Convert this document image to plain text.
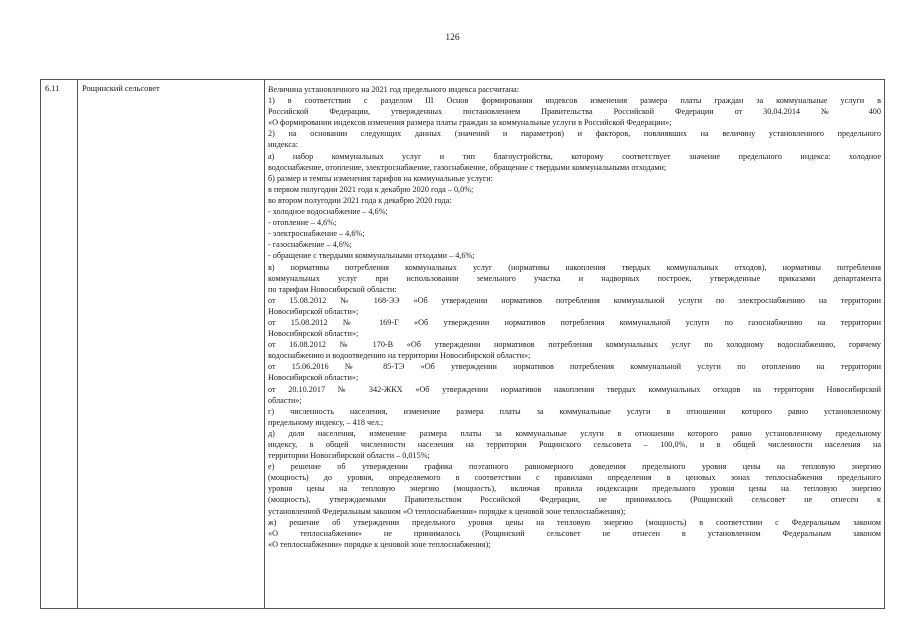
126
6.11	Рощинский сельсовет	Величина установленного на 2021 год предельного индекса рассчитана:
1) в соответствии с разделом III Основ формирования индексов изменения размера платы граждан за коммунальные услуги в
Российской Федерации, утвержденных постановлением Правительства Российской Федерации от 30.04.2014 № 400
«О формировании индексов изменения размера платы граждан за коммунальные услуги в Российской Федерации»;
2) на основании следующих данных (значений и параметров) и факторов, повлиявших на величину установленного предельного
индекса:
а) набор коммунальных услуг и тип благоустройства, которому соответствует значение предельного индекса: холодное
водоснабжение, отопление, электроснабжение, газоснабжение, обращение с твердыми коммунальными отходами;
б) размер и темпы изменения тарифов на коммунальные услуги:
в первом полугодии 2021 года к декабрю 2020 года – 0,0%;
во втором полугодии 2021 года к декабрю 2020 года:
- холодное водоснабжение – 4,6%;
- отопление – 4,6%;
- электроснабжение – 4,6%;
- газоснабжение – 4,6%;
- обращение с твердыми коммунальными отходами – 4,6%;
в) нормативы потребления коммунальных услуг (нормативы накопления твердых коммунальных отходов), нормативы потребления
коммунальных услуг при использовании земельного участка и надворных построек, утвержденные приказами департамента
по тарифам Новосибирской области:
от 15.08.2012 № 168-ЭЭ «Об утверждении нормативов потребления коммунальной услуги по электроснабжению на территории
Новосибирской области»;
от 15.08.2012 № 169-Г «Об утверждении нормативов потребления коммунальной услуги по газоснабжению на территории
Новосибирской области»;
от 16.08.2012 № 170-В «Об утверждении нормативов потребления коммунальных услуг по холодному водоснабжению, горячему
водоснабжению и водоотведению на территории Новосибирской области»;
от 15.06.2016 № 85-ТЭ «Об утверждении нормативов потребления коммунальной услуги по отоплению на территории
Новосибирской области»;
от 20.10.2017 № 342-ЖКХ «Об утверждении нормативов накопления твердых коммунальных отходов на территории Новосибирской
области»;
г) численность населения, изменение размера платы за коммунальные услуги в отношении которого равно установленному
предельному индексу, – 418 чел.;
д) доля населения, изменение размера платы за коммунальные услуги в отношении которого равно установленному предельному
индексу, в общей численности населения на территории Рощинского сельсовета – 100,0%, и в общей численности населения на
территории Новосибирской области – 0,015%;
е) решение об утверждении графика поэтапного равномерного доведения предельного уровня цены на тепловую энергию
(мощность) до уровня, определяемого в соответствии с правилами определения в ценовых зонах теплоснабжения предельного
уровня цены на тепловую энергию (мощность), включая правила индексации предельного уровня цены на тепловую энергию
(мощность), утверждаемыми Правительством Российской Федерации, не принималось (Рощинский сельсовет не отнесен к
установленной Федеральным законом «О теплоснабжении» порядке к ценовой зоне теплоснабжения);
ж) решение об утверждении предельного уровня цены на тепловую энергию (мощность) в соответствии с Федеральным законом
«О теплоснабжении» не принималось (Рощинский сельсовет не отнесен в установленном Федеральным законом
«О теплоснабжении» порядке к ценовой зоне теплоснабжения);
